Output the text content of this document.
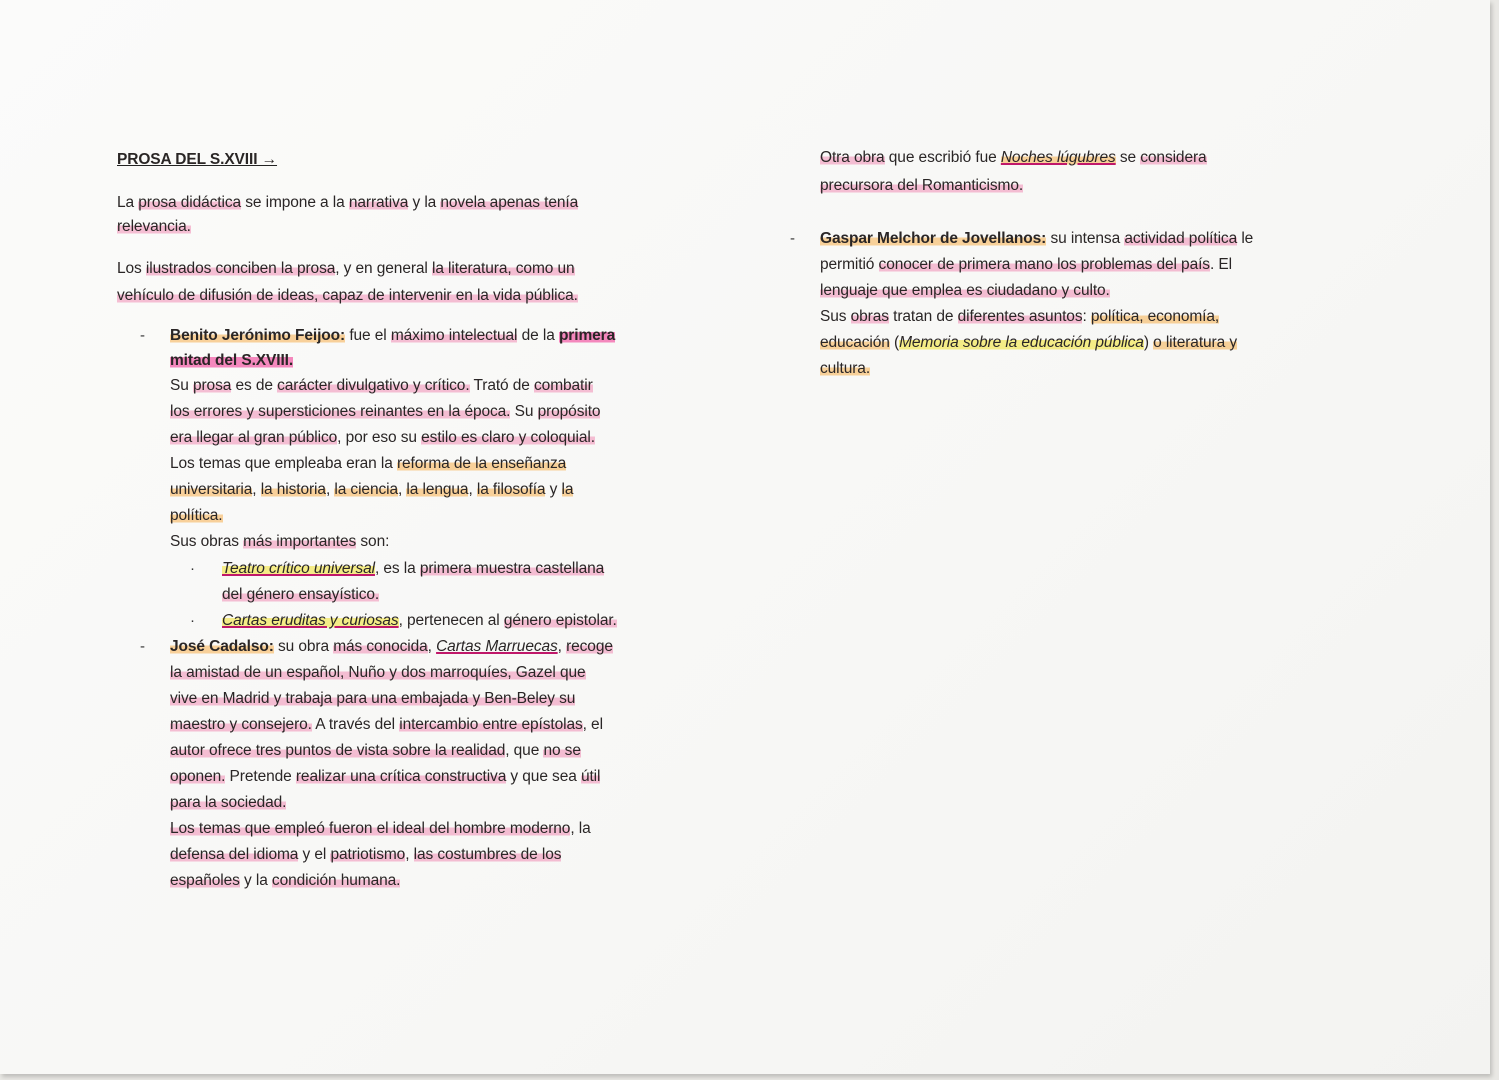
PROSA DEL S.XVIII →
La prosa didáctica se impone a la narrativa y la novela apenas tenía
relevancia.
Los ilustrados conciben la prosa, y en general la literatura, como un
vehículo de difusión de ideas, capaz de intervenir en la vida pública.
- Benito Jerónimo Feijoo: fue el máximo intelectual de la primera
mitad del S.XVIII.
Su prosa es de carácter divulgativo y crítico. Trató de combatir
los errores y supersticiones reinantes en la época. Su propósito
era llegar al gran público, por eso su estilo es claro y coloquial.
Los temas que empleaba eran la reforma de la enseñanza
universitaria, la historia, la ciencia, la lengua, la filosofía y la
política.
Sus obras más importantes son:
· Teatro crítico universal, es la primera muestra castellana
del género ensayístico.
· Cartas eruditas y curiosas, pertenecen al género epistolar.
- José Cadalso: su obra más conocida, Cartas Marruecas, recoge
la amistad de un español, Nuño y dos marroquíes, Gazel que
vive en Madrid y trabaja para una embajada y Ben-Beley su
maestro y consejero. A través del intercambio entre epístolas, el
autor ofrece tres puntos de vista sobre la realidad, que no se
oponen. Pretende realizar una crítica constructiva y que sea útil
para la sociedad.
Los temas que empleó fueron el ideal del hombre moderno, la
defensa del idioma y el patriotismo, las costumbres de los
españoles y la condición humana.
Otra obra que escribió fue Noches lúgubres se considera
precursora del Romanticismo.
- Gaspar Melchor de Jovellanos: su intensa actividad política le
permitió conocer de primera mano los problemas del país. El
lenguaje que emplea es ciudadano y culto.
Sus obras tratan de diferentes asuntos: política, economía,
educación (Memoria sobre la educación pública) o literatura y
cultura.
